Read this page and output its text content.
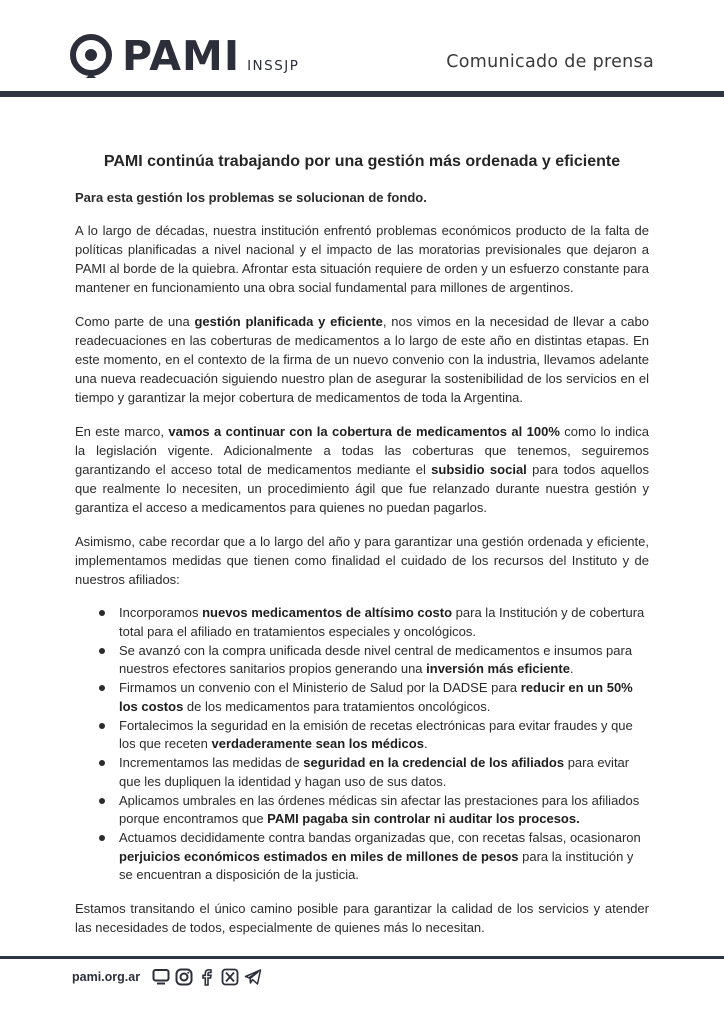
PAMI INSSJP	Comunicado de prensa
PAMI continúa trabajando por una gestión más ordenada y eficiente
Para esta gestión los problemas se solucionan de fondo.

A lo largo de décadas, nuestra institución enfrentó problemas económicos producto de la falta de políticas planificadas a nivel nacional y el impacto de las moratorias previsionales que dejaron a PAMI al borde de la quiebra. Afrontar esta situación requiere de orden y un esfuerzo constante para mantener en funcionamiento una obra social fundamental para millones de argentinos.

Como parte de una gestión planificada y eficiente, nos vimos en la necesidad de llevar a cabo readecuaciones en las coberturas de medicamentos a lo largo de este año en distintas etapas. En este momento, en el contexto de la firma de un nuevo convenio con la industria, llevamos adelante una nueva readecuación siguiendo nuestro plan de asegurar la sostenibilidad de los servicios en el tiempo y garantizar la mejor cobertura de medicamentos de toda la Argentina.

En este marco, vamos a continuar con la cobertura de medicamentos al 100% como lo indica la legislación vigente. Adicionalmente a todas las coberturas que tenemos, seguiremos garantizando el acceso total de medicamentos mediante el subsidio social para todos aquellos que realmente lo necesiten, un procedimiento ágil que fue relanzado durante nuestra gestión y garantiza el acceso a medicamentos para quienes no puedan pagarlos.

Asimismo, cabe recordar que a lo largo del año y para garantizar una gestión ordenada y eficiente, implementamos medidas que tienen como finalidad el cuidado de los recursos del Instituto y de nuestros afiliados:

Incorporamos nuevos medicamentos de altísimo costo para la Institución y de cobertura total para el afiliado en tratamientos especiales y oncológicos.
Se avanzó con la compra unificada desde nivel central de medicamentos e insumos para nuestros efectores sanitarios propios generando una inversión más eficiente.
Firmamos un convenio con el Ministerio de Salud por la DADSE para reducir en un 50% los costos de los medicamentos para tratamientos oncológicos.
Fortalecimos la seguridad en la emisión de recetas electrónicas para evitar fraudes y que los que receten verdaderamente sean los médicos.
Incrementamos las medidas de seguridad en la credencial de los afiliados para evitar que les dupliquen la identidad y hagan uso de sus datos.
Aplicamos umbrales en las órdenes médicas sin afectar las prestaciones para los afiliados porque encontramos que PAMI pagaba sin controlar ni auditar los procesos.
Actuamos decididamente contra bandas organizadas que, con recetas falsas, ocasionaron perjuicios económicos estimados en miles de millones de pesos para la institución y se encuentran a disposición de la justicia.

Estamos transitando el único camino posible para garantizar la calidad de los servicios y atender las necesidades de todos, especialmente de quienes más lo necesitan.

pami.org.ar
